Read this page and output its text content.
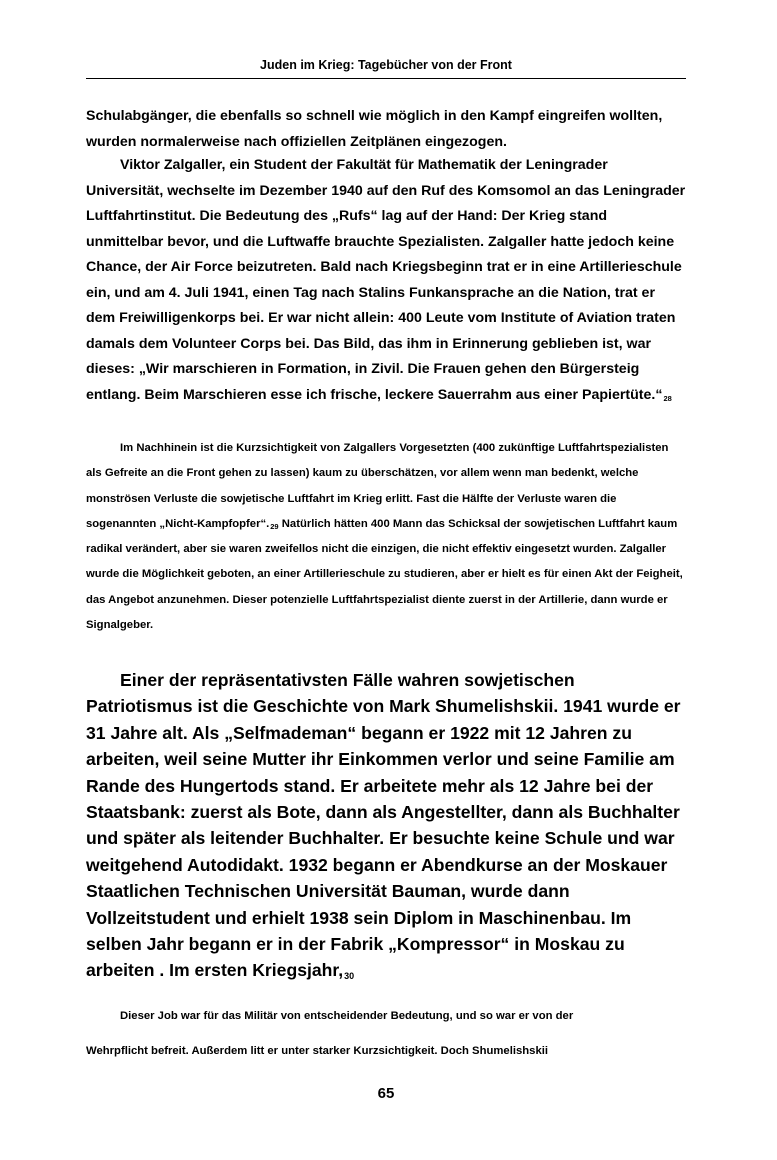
Juden im Krieg: Tagebücher von der Front

Schulabgänger, die ebenfalls so schnell wie möglich in den Kampf eingreifen wollten, wurden normalerweise nach offiziellen Zeitplänen eingezogen.

Viktor Zalgaller, ein Student der Fakultät für Mathematik der Leningrader Universität, wechselte im Dezember 1940 auf den Ruf des Komsomol an das Leningrader Luftfahrtinstitut. Die Bedeutung des „Rufs“ lag auf der Hand: Der Krieg stand unmittelbar bevor, und die Luftwaffe brauchte Spezialisten. Zalgaller hatte jedoch keine Chance, der Air Force beizutreten. Bald nach Kriegsbeginn trat er in eine Artillerieschule ein, und am 4. Juli 1941, einen Tag nach Stalins Funkansprache an die Nation, trat er dem Freiwilligenkorps bei. Er war nicht allein: 400 Leute vom Institute of Aviation traten damals dem Volunteer Corps bei. Das Bild, das ihm in Erinnerung geblieben ist, war dieses: „Wir marschieren in Formation, in Zivil. Die Frauen gehen den Bürgersteig entlang. Beim Marschieren esse ich frische, leckere Sauerrahm aus einer Papiertüte.“$^{28}$

Im Nachhinein ist die Kurzsichtigkeit von Zalgallers Vorgesetzten (400 zukünftige Luftfahrtspezialisten als Gefreite an die Front gehen zu lassen) kaum zu überschätzen, vor allem wenn man bedenkt, welche monströsen Verluste die sowjetische Luftfahrt im Krieg erlitt. Fast die Hälfte der Verluste waren die sogenannten „Nicht-Kampfopfer“.$^{29}$ Natürlich hätten 400 Mann das Schicksal der sowjetischen Luftfahrt kaum radikal verändert, aber sie waren zweifellos nicht die einzigen, die nicht effektiv eingesetzt wurden. Zalgaller wurde die Möglichkeit geboten, an einer Artillerieschule zu studieren, aber er hielt es für einen Akt der Feigheit, das Angebot anzunehmen. Dieser potenzielle Luftfahrtspezialist diente zuerst in der Artillerie, dann wurde er Signalgeber.

Einer der repräsentativsten Fälle wahren sowjetischen Patriotismus ist die Geschichte von Mark Shumelishskii. 1941 wurde er 31 Jahre alt. Als „Selfmademan“ begann er 1922 mit 12 Jahren zu arbeiten, weil seine Mutter ihr Einkommen verlor und seine Familie am Rande des Hungertods stand. Er arbeitete mehr als 12 Jahre bei der Staatsbank: zuerst als Bote, dann als Angestellter, dann als Buchhalter und später als leitender Buchhalter. Er besuchte keine Schule und war weitgehend Autodidakt. 1932 begann er Abendkurse an der Moskauer Staatlichen Technischen Universität Bauman, wurde dann Vollzeitstudent und erhielt 1938 sein Diplom in Maschinenbau. Im selben Jahr begann er in der Fabrik „Kompressor“ in Moskau zu arbeiten . Im ersten Kriegsjahr,$^{30}$

Dieser Job war für das Militär von entscheidender Bedeutung, und so war er von der

Wehrpflicht befreit. Außerdem litt er unter starker Kurzsichtigkeit. Doch Shumelishskii

65
